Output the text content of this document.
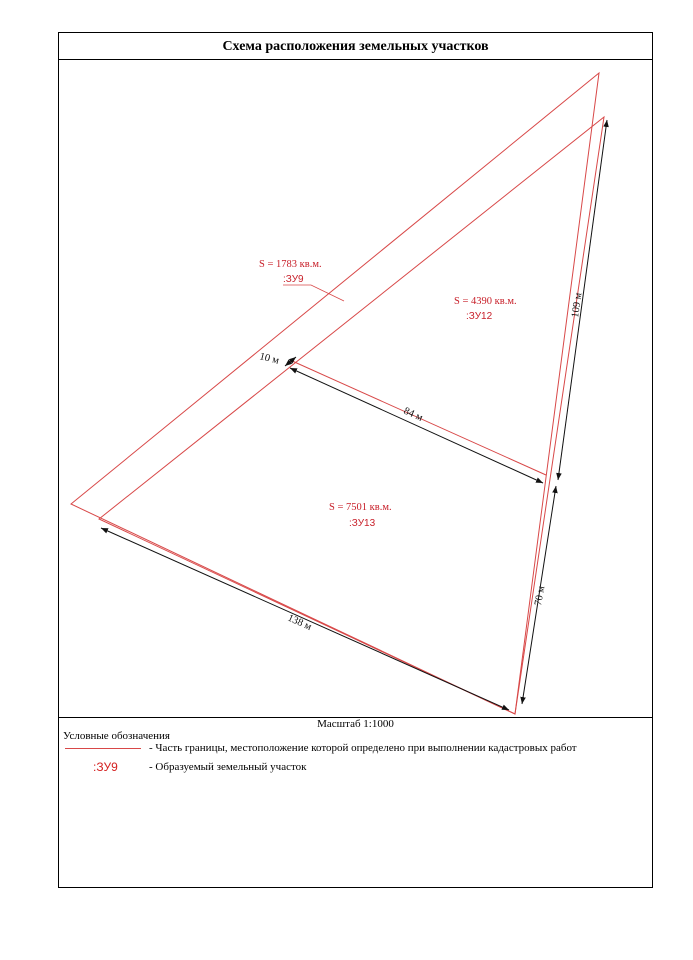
Схема расположения земельных участков
S = 1783 кв.м.
:ЗУ9
S = 4390 кв.м.
:ЗУ12
S = 7501 кв.м.
:ЗУ13
10 м
84 м
109 м
70 м
138 м
Масштаб 1:1000
Условные обозначения
- Часть границы, местоположение которой определено при выполнении кадастровых работ
:ЗУ9	- Образуемый земельный участок
